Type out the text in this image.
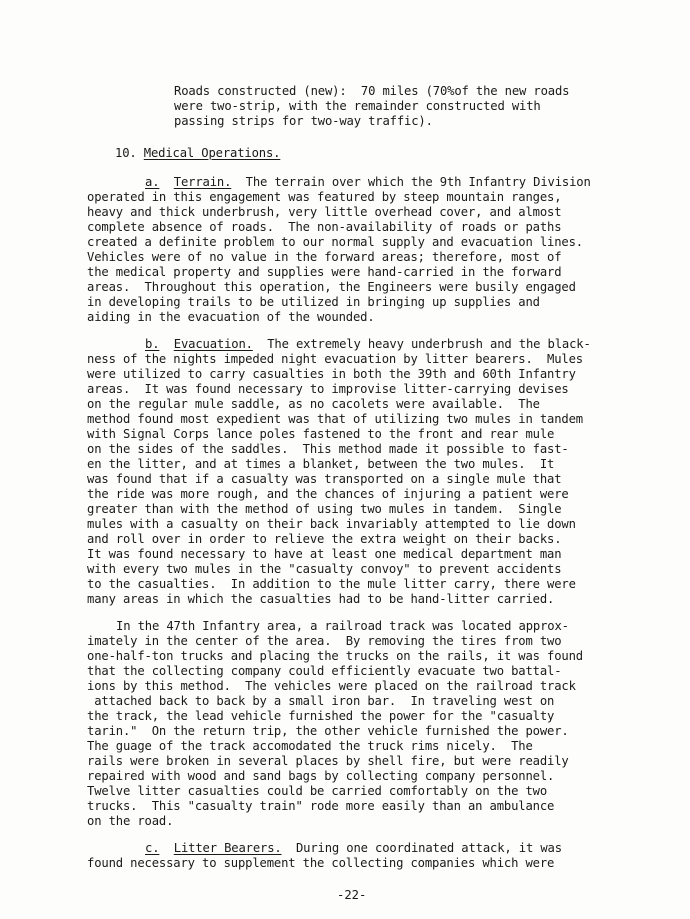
Roads constructed (new):  70 miles (70%of the new roads
were two-strip, with the remainder constructed with
passing strips for two-way traffic).
10. Medical Operations.
a. Terrain.  The terrain over which the 9th Infantry Division
operated in this engagement was featured by steep mountain ranges,
heavy and thick underbrush, very little overhead cover, and almost
complete absence of roads.  The non-availability of roads or paths
created a definite problem to our normal supply and evacuation lines.
Vehicles were of no value in the forward areas; therefore, most of
the medical property and supplies were hand-carried in the forward
areas.  Throughout this operation, the Engineers were busily engaged
in developing trails to be utilized in bringing up supplies and
aiding in the evacuation of the wounded.
b. Evacuation.  The extremely heavy underbrush and the black-
ness of the nights impeded night evacuation by litter bearers.  Mules
were utilized to carry casualties in both the 39th and 60th Infantry
areas.  It was found necessary to improvise litter-carrying devises
on the regular mule saddle, as no cacolets were available.  The
method found most expedient was that of utilizing two mules in tandem
with Signal Corps lance poles fastened to the front and rear mule
on the sides of the saddles.  This method made it possible to fast-
en the litter, and at times a blanket, between the two mules.  It
was found that if a casualty was transported on a single mule that
the ride was more rough, and the chances of injuring a patient were
greater than with the method of using two mules in tandem.  Single
mules with a casualty on their back invariably attempted to lie down
and roll over in order to relieve the extra weight on their backs.
It was found necessary to have at least one medical department man
with every two mules in the "casualty convoy" to prevent accidents
to the casualties.  In addition to the mule litter carry, there were
many areas in which the casualties had to be hand-litter carried.
In the 47th Infantry area, a railroad track was located approx-
imately in the center of the area.  By removing the tires from two
one-half-ton trucks and placing the trucks on the rails, it was found
that the collecting company could efficiently evacuate two battal-
ions by this method.  The vehicles were placed on the railroad track
attached back to back by a small iron bar.  In traveling west on
the track, the lead vehicle furnished the power for the "casualty
tarin."  On the return trip, the other vehicle furnished the power.
The guage of the track accomodated the truck rims nicely.  The
rails were broken in several places by shell fire, but were readily
repaired with wood and sand bags by collecting company personnel.
Twelve litter casualties could be carried comfortably on the two
trucks.  This "casualty train" rode more easily than an ambulance
on the road.
c. Litter Bearers.  During one coordinated attack, it was
found necessary to supplement the collecting companies which were
-22-
